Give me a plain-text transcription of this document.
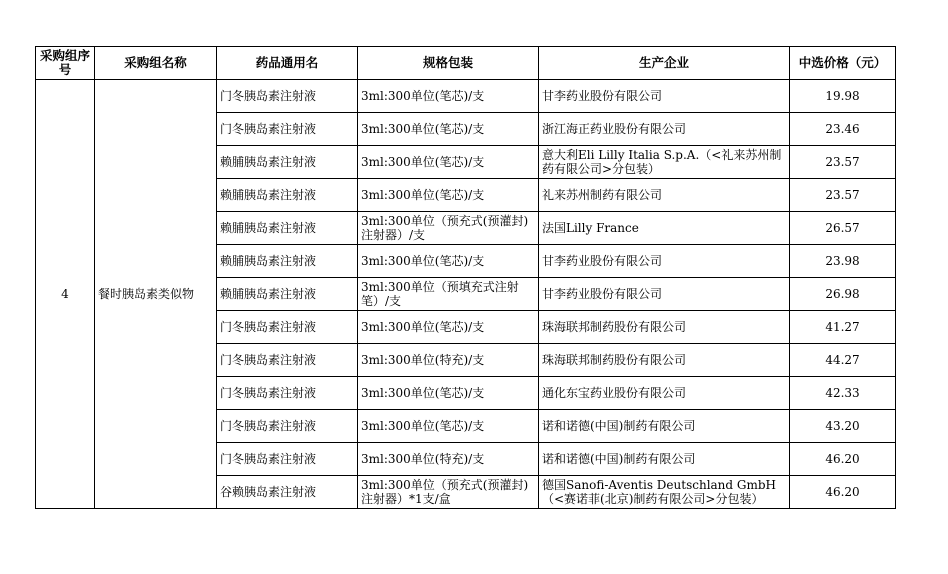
采购组序号	采购组名称	药品通用名	规格包装	生产企业	中选价格（元）
4	餐时胰岛素类似物	门冬胰岛素注射液	3ml:300单位(笔芯)/支	甘李药业股份有限公司	19.98
		门冬胰岛素注射液	3ml:300单位(笔芯)/支	浙江海正药业股份有限公司	23.46
		赖脯胰岛素注射液	3ml:300单位(笔芯)/支	意大利Eli Lilly Italia S.p.A.（<礼来苏州制药有限公司>分包装）	23.57
		赖脯胰岛素注射液	3ml:300单位(笔芯)/支	礼来苏州制药有限公司	23.57
		赖脯胰岛素注射液	3ml:300单位（预充式(预灌封)注射器）/支	法国Lilly France	26.57
		赖脯胰岛素注射液	3ml:300单位(笔芯)/支	甘李药业股份有限公司	23.98
		赖脯胰岛素注射液	3ml:300单位（预填充式注射笔）/支	甘李药业股份有限公司	26.98
		门冬胰岛素注射液	3ml:300单位(笔芯)/支	珠海联邦制药股份有限公司	41.27
		门冬胰岛素注射液	3ml:300单位(特充)/支	珠海联邦制药股份有限公司	44.27
		门冬胰岛素注射液	3ml:300单位(笔芯)/支	通化东宝药业股份有限公司	42.33
		门冬胰岛素注射液	3ml:300单位(笔芯)/支	诺和诺德(中国)制药有限公司	43.20
		门冬胰岛素注射液	3ml:300单位(特充)/支	诺和诺德(中国)制药有限公司	46.20
		谷赖胰岛素注射液	3ml:300单位（预充式(预灌封)注射器）*1支/盒	德国Sanofi-Aventis Deutschland GmbH（<赛诺菲(北京)制药有限公司>分包装）	46.20
